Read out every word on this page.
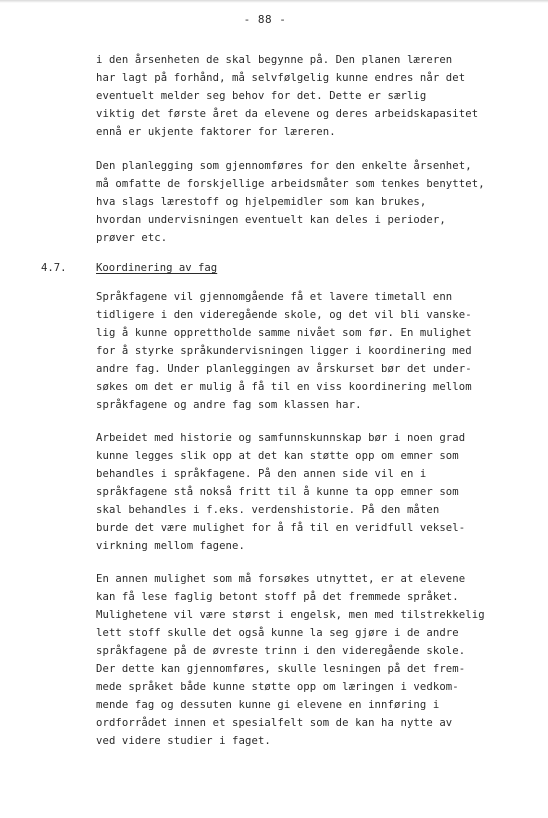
- 88 -

i den årsenheten de skal begynne på. Den planen læreren
har lagt på forhånd, må selvfølgelig kunne endres når det
eventuelt melder seg behov for det. Dette er særlig
viktig det første året da elevene og deres arbeidskapasitet
ennå er ukjente faktorer for læreren.

Den planlegging som gjennomføres for den enkelte årsenhet,
må omfatte de forskjellige arbeidsmåter som tenkes benyttet,
hva slags lærestoff og hjelpemidler som kan brukes,
hvordan undervisningen eventuelt kan deles i perioder,
prøver etc.

4.7.	Koordinering av fag

Språkfagene vil gjennomgående få et lavere timetall enn
tidligere i den videregående skole, og det vil bli vanske-
lig å kunne opprettholde samme nivået som før. En mulighet
for å styrke språkundervisningen ligger i koordinering med
andre fag. Under planleggingen av årskurset bør det under-
søkes om det er mulig å få til en viss koordinering mellom
språkfagene og andre fag som klassen har.

Arbeidet med historie og samfunnskunnskap bør i noen grad
kunne legges slik opp at det kan støtte opp om emner som
behandles i språkfagene. På den annen side vil en i
språkfagene stå nokså fritt til å kunne ta opp emner som
skal behandles i f.eks. verdenshistorie. På den måten
burde det være mulighet for å få til en veridfull veksel-
virkning mellom fagene.

En annen mulighet som må forsøkes utnyttet, er at elevene
kan få lese faglig betont stoff på det fremmede språket.
Mulighetene vil være størst i engelsk, men med tilstrekkelig
lett stoff skulle det også kunne la seg gjøre i de andre
språkfagene på de øvreste trinn i den videregående skole.
Der dette kan gjennomføres, skulle lesningen på det frem-
mede språket både kunne støtte opp om læringen i vedkom-
mende fag og dessuten kunne gi elevene en innføring i
ordforrådet innen et spesialfelt som de kan ha nytte av
ved videre studier i faget.
